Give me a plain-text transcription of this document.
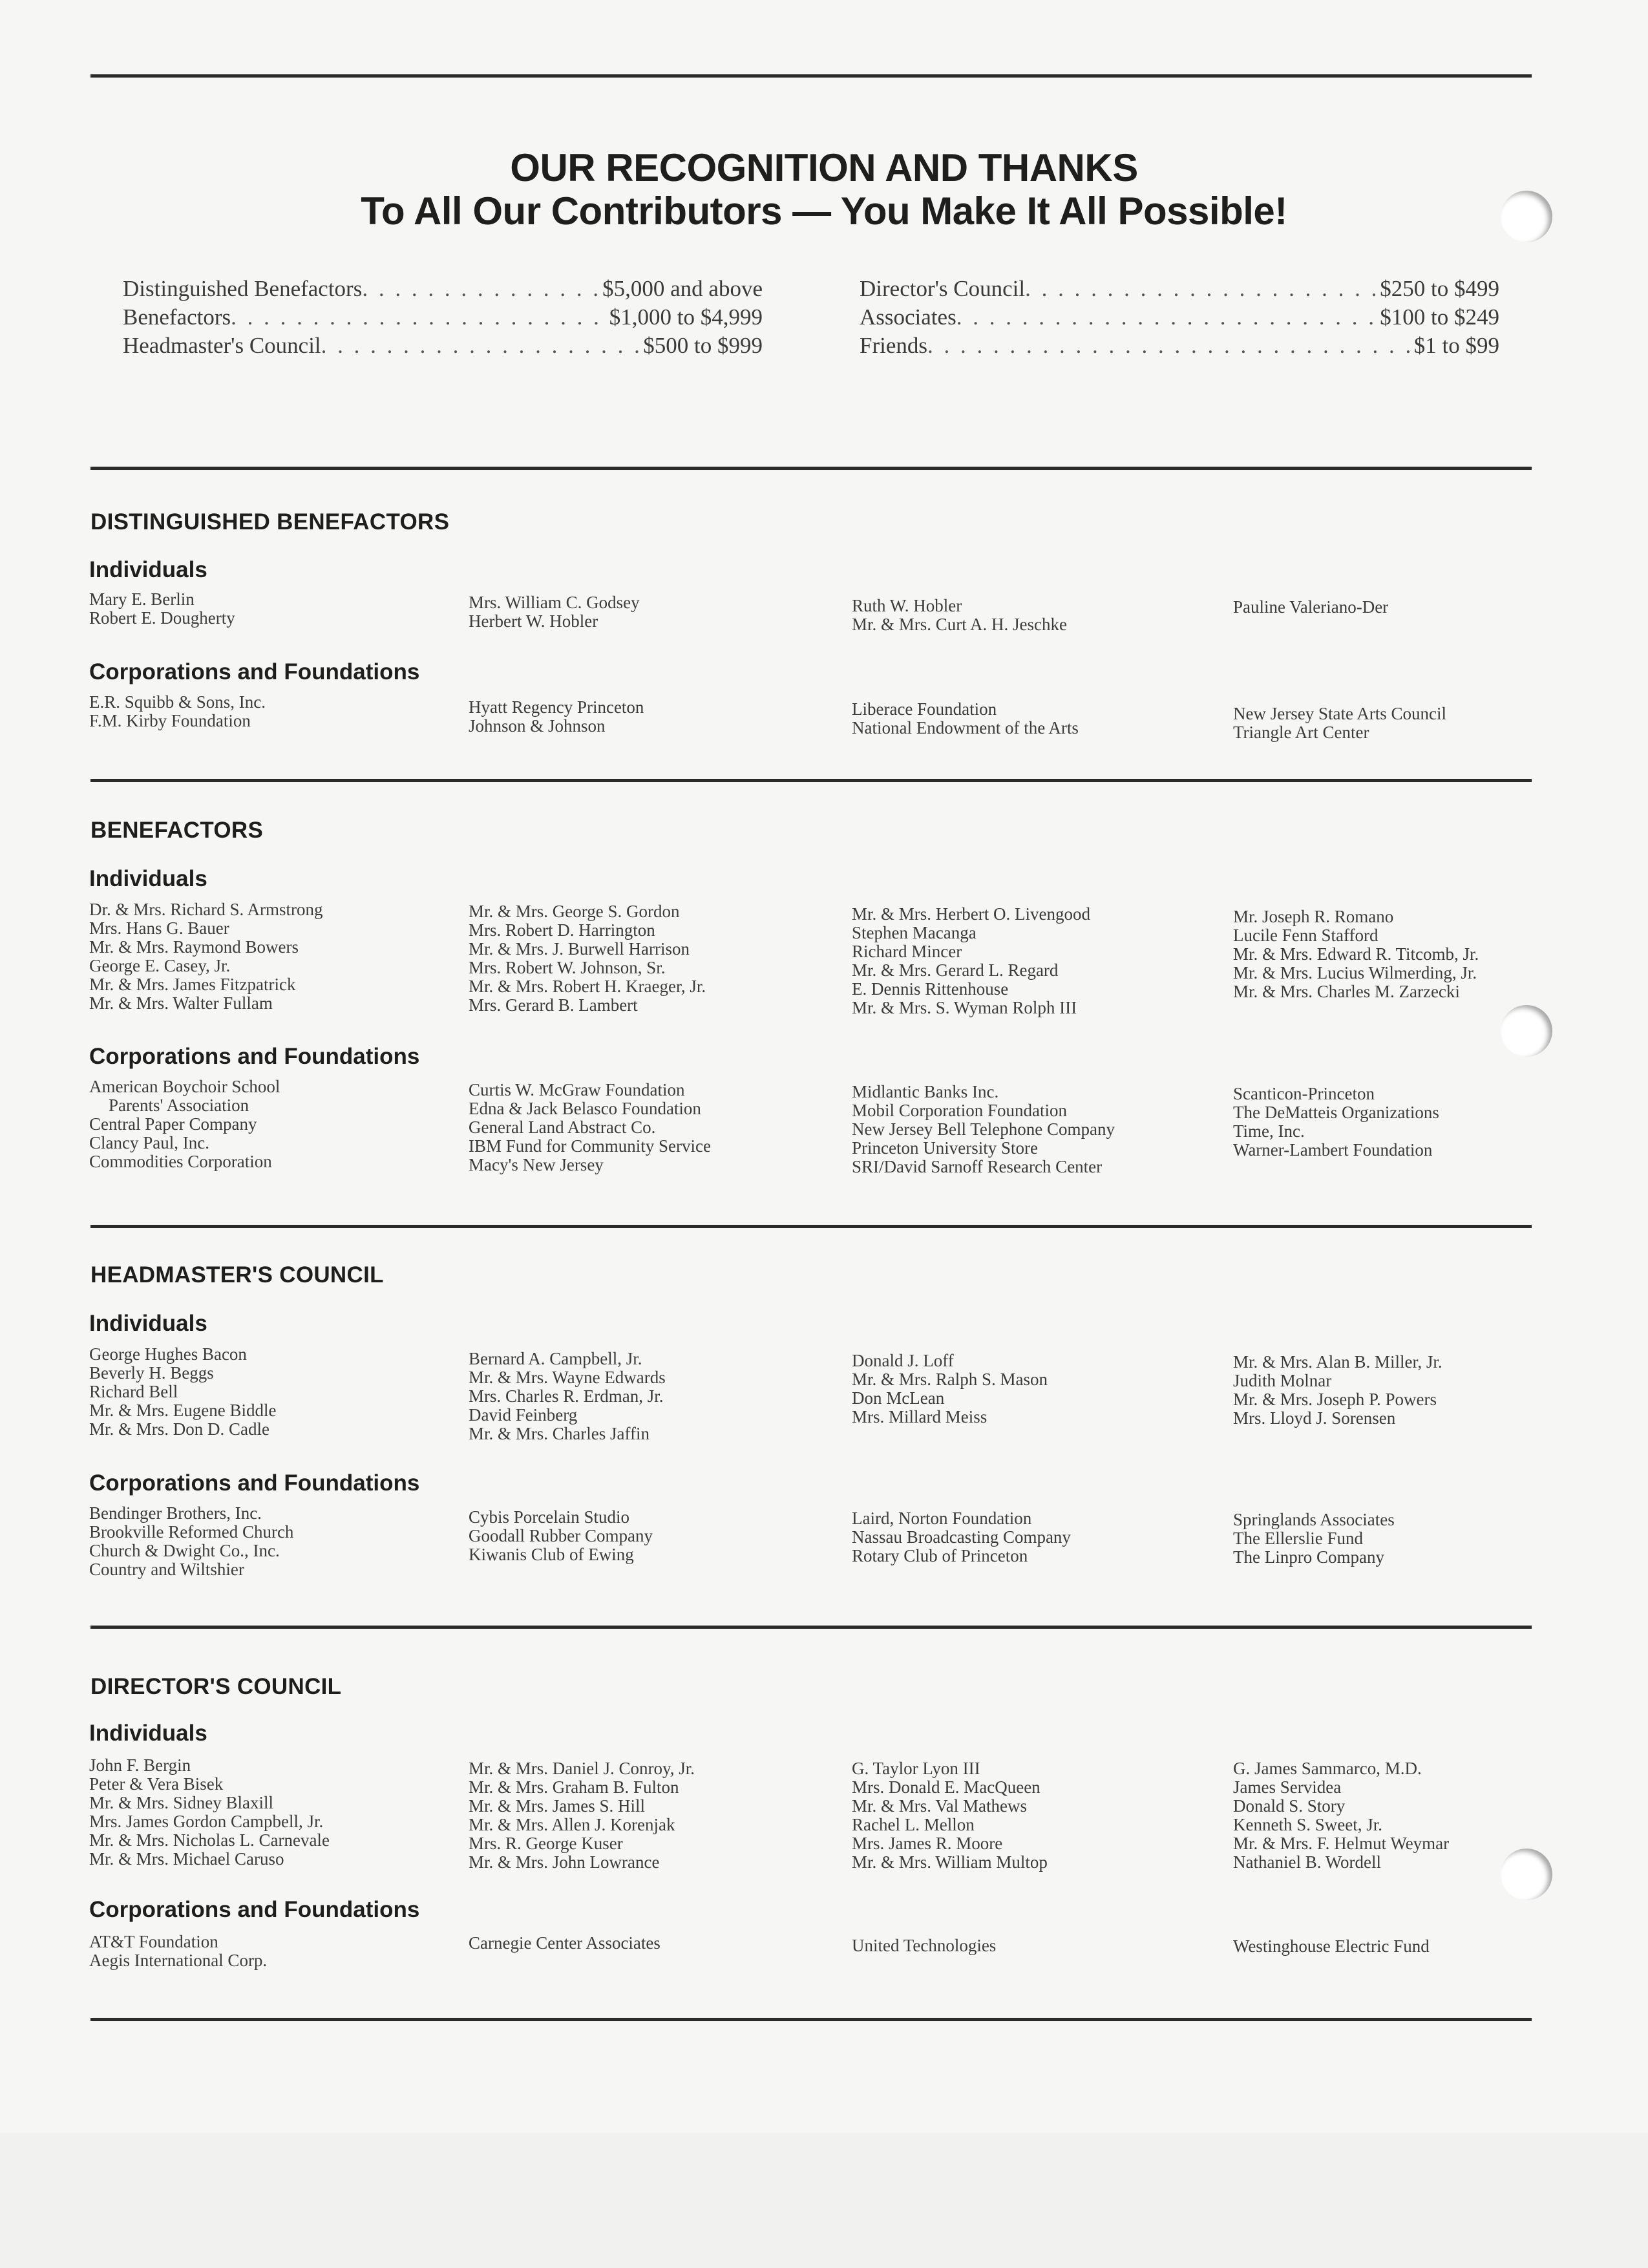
OUR RECOGNITION AND THANKS
To All Our Contributors — You Make It All Possible!
Distinguished Benefactors . . .	$5,000 and above
Benefactors . . .	$1,000 to $4,999
Headmaster's Council . . .	$500 to $999
Director's Council . . .	$250 to $499
Associates . . .	$100 to $249
Friends . . .	$1 to $99
DISTINGUISHED BENEFACTORS
Individuals
Mary E. Berlin
Robert E. Dougherty
Mrs. William C. Godsey
Herbert W. Hobler
Ruth W. Hobler
Mr. & Mrs. Curt A. H. Jeschke
Pauline Valeriano-Der
Corporations and Foundations
E.R. Squibb & Sons, Inc.
F.M. Kirby Foundation
Hyatt Regency Princeton
Johnson & Johnson
Liberace Foundation
National Endowment of the Arts
New Jersey State Arts Council
Triangle Art Center
BENEFACTORS
Individuals
Dr. & Mrs. Richard S. Armstrong
Mrs. Hans G. Bauer
Mr. & Mrs. Raymond Bowers
George E. Casey, Jr.
Mr. & Mrs. James Fitzpatrick
Mr. & Mrs. Walter Fullam
Mr. & Mrs. George S. Gordon
Mrs. Robert D. Harrington
Mr. & Mrs. J. Burwell Harrison
Mrs. Robert W. Johnson, Sr.
Mr. & Mrs. Robert H. Kraeger, Jr.
Mrs. Gerard B. Lambert
Mr. & Mrs. Herbert O. Livengood
Stephen Macanga
Richard Mincer
Mr. & Mrs. Gerard L. Regard
E. Dennis Rittenhouse
Mr. & Mrs. S. Wyman Rolph III
Mr. Joseph R. Romano
Lucile Fenn Stafford
Mr. & Mrs. Edward R. Titcomb, Jr.
Mr. & Mrs. Lucius Wilmerding, Jr.
Mr. & Mrs. Charles M. Zarzecki
Corporations and Foundations
American Boychoir School
Parents' Association
Central Paper Company
Clancy Paul, Inc.
Commodities Corporation
Curtis W. McGraw Foundation
Edna & Jack Belasco Foundation
General Land Abstract Co.
IBM Fund for Community Service
Macy's New Jersey
Midlantic Banks Inc.
Mobil Corporation Foundation
New Jersey Bell Telephone Company
Princeton University Store
SRI/David Sarnoff Research Center
Scanticon-Princeton
The DeMatteis Organizations
Time, Inc.
Warner-Lambert Foundation
HEADMASTER'S COUNCIL
Individuals
George Hughes Bacon
Beverly H. Beggs
Richard Bell
Mr. & Mrs. Eugene Biddle
Mr. & Mrs. Don D. Cadle
Bernard A. Campbell, Jr.
Mr. & Mrs. Wayne Edwards
Mrs. Charles R. Erdman, Jr.
David Feinberg
Mr. & Mrs. Charles Jaffin
Donald J. Loff
Mr. & Mrs. Ralph S. Mason
Don McLean
Mrs. Millard Meiss
Mr. & Mrs. Alan B. Miller, Jr.
Judith Molnar
Mr. & Mrs. Joseph P. Powers
Mrs. Lloyd J. Sorensen
Corporations and Foundations
Bendinger Brothers, Inc.
Brookville Reformed Church
Church & Dwight Co., Inc.
Country and Wiltshier
Cybis Porcelain Studio
Goodall Rubber Company
Kiwanis Club of Ewing
Laird, Norton Foundation
Nassau Broadcasting Company
Rotary Club of Princeton
Springlands Associates
The Ellerslie Fund
The Linpro Company
DIRECTOR'S COUNCIL
Individuals
John F. Bergin
Peter & Vera Bisek
Mr. & Mrs. Sidney Blaxill
Mrs. James Gordon Campbell, Jr.
Mr. & Mrs. Nicholas L. Carnevale
Mr. & Mrs. Michael Caruso
Mr. & Mrs. Daniel J. Conroy, Jr.
Mr. & Mrs. Graham B. Fulton
Mr. & Mrs. James S. Hill
Mr. & Mrs. Allen J. Korenjak
Mrs. R. George Kuser
Mr. & Mrs. John Lowrance
G. Taylor Lyon III
Mrs. Donald E. MacQueen
Mr. & Mrs. Val Mathews
Rachel L. Mellon
Mrs. James R. Moore
Mr. & Mrs. William Multop
G. James Sammarco, M.D.
James Servidea
Donald S. Story
Kenneth S. Sweet, Jr.
Mr. & Mrs. F. Helmut Weymar
Nathaniel B. Wordell
Corporations and Foundations
AT&T Foundation
Aegis International Corp.
Carnegie Center Associates	United Technologies	Westinghouse Electric Fund
